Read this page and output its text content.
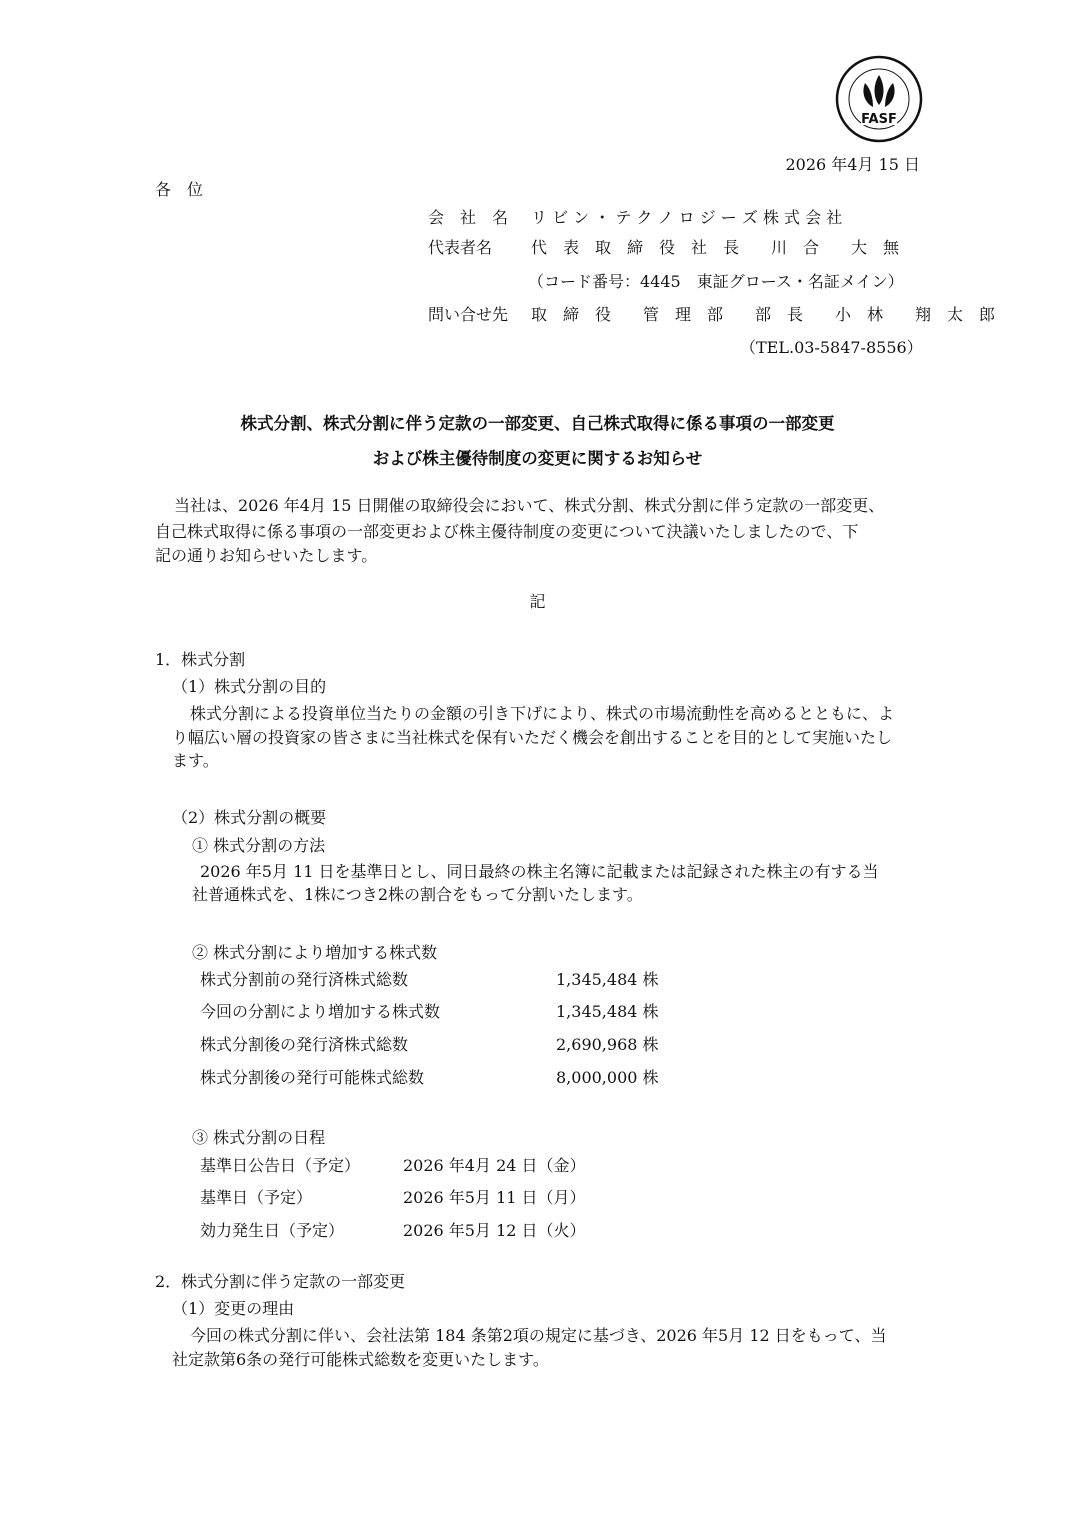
FASF
2026 年4月 15 日
各　位
会　社　名 リ ビ ン ・ テ ク ノ ロ ジ ー ズ 株 式 会 社
代表者名 代　表　取　締　役　社　長　　川　合　　大　無
（コード番号：4445　東証グロース・名証メイン）
問い合せ先 取　締　役　　管　理　部　　部　長　　小　林　　翔　太　郎
（TEL.03-5847-8556）
株式分割、株式分割に伴う定款の一部変更、自己株式取得に係る事項の一部変更
および株主優待制度の変更に関するお知らせ
当社は、2026 年4月 15 日開催の取締役会において、株式分割、株式分割に伴う定款の一部変更、
自己株式取得に係る事項の一部変更および株主優待制度の変更について決議いたしましたので、下
記の通りお知らせいたします。
記
1．株式分割
（1）株式分割の目的
株式分割による投資単位当たりの金額の引き下げにより、株式の市場流動性を高めるとともに、よ
り幅広い層の投資家の皆さまに当社株式を保有いただく機会を創出することを目的として実施いたし
ます。
（2）株式分割の概要
① 株式分割の方法
2026 年5月 11 日を基準日とし、同日最終の株主名簿に記載または記録された株主の有する当
社普通株式を、1株につき2株の割合をもって分割いたします。
② 株式分割により増加する株式数
株式分割前の発行済株式総数	1,345,484 株
今回の分割により増加する株式数	1,345,484 株
株式分割後の発行済株式総数	2,690,968 株
株式分割後の発行可能株式総数	8,000,000 株
③ 株式分割の日程
基準日公告日（予定）	2026 年4月 24 日（金）
基準日（予定）	2026 年5月 11 日（月）
効力発生日（予定）	2026 年5月 12 日（火）
2．株式分割に伴う定款の一部変更
（1）変更の理由
今回の株式分割に伴い、会社法第 184 条第2項の規定に基づき、2026 年5月 12 日をもって、当
社定款第6条の発行可能株式総数を変更いたします。
